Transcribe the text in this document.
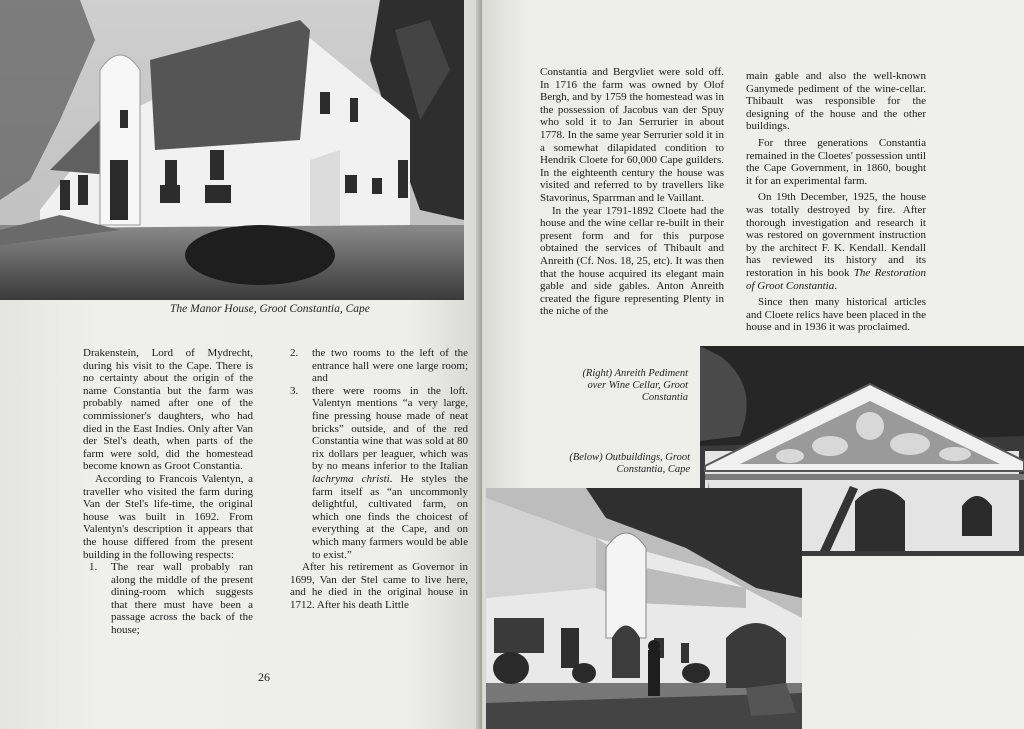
The Manor House, Groot Constantia, Cape

Drakenstein, Lord of Mydrecht, during his visit to the Cape. There is no certainty about the origin of the name Constantia but the farm was probably named after one of the commissioner's daughters, who had died in the East Indies. Only after Van der Stel's death, when parts of the farm were sold, did the homestead become known as Groot Constantia.

According to Francois Valentyn, a traveller who visited the farm during Van der Stel's life-time, the original house was built in 1692. From Valentyn's description it appears that the house differed from the present building in the following respects:

1.	The rear wall probably ran along the middle of the present dining-room which suggests that there must have been a passage across the back of the house;
2.	the two rooms to the left of the entrance hall were one large room; and
3.	there were rooms in the loft. Valentyn mentions “a very large, fine pressing house made of neat bricks” outside, and of the red Constantia wine that was sold at 80 rix dollars per leaguer, which was by no means inferior to the Italian lachryma christi. He styles the farm itself as “an uncommonly delightful, cultivated farm, on which one finds the choicest of everything at the Cape, and on which many farmers would be able to exist.”

After his retirement as Governor in 1699, Van der Stel came to live here, and he died in the original house in 1712. After his death Little

26

Constantia and Bergvliet were sold off. In 1716 the farm was owned by Olof Bergh, and by 1759 the homestead was in the possession of Jacobus van der Spuy who sold it to Jan Serrurier in about 1778. In the same year Serrurier sold it in a somewhat dilapidated condition to Hendrik Cloete for 60,000 Cape guilders. In the eighteenth century the house was visited and referred to by travellers like Stavorinus, Sparrman and le Vaillant.

In the year 1791-1892 Cloete had the house and the wine cellar re-built in their present form and for this purpose obtained the services of Thibault and Anreith (Cf. Nos. 18, 25, etc). It was then that the house acquired its elegant main gable and side gables. Anton Anreith created the figure representing Plenty in the niche of the

main gable and also the well-known Ganymede pediment of the wine-cellar. Thibault was responsible for the designing of the house and the other buildings.

For three generations Constantia remained in the Cloetes' possession until the Cape Government, in 1860, bought it for an experimental farm.

On 19th December, 1925, the house was totally destroyed by fire. After thorough investigation and research it was restored on government instruction by the architect F. K. Kendall. Kendall has reviewed its history and its restoration in his book The Restoration of Groot Constantia.

Since then many historical articles and Cloete relics have been placed in the house and in 1936 it was proclaimed.

(Right) Anreith Pediment over Wine Cellar, Groot Constantia
(Below) Outbuildings, Groot Constantia, Cape
